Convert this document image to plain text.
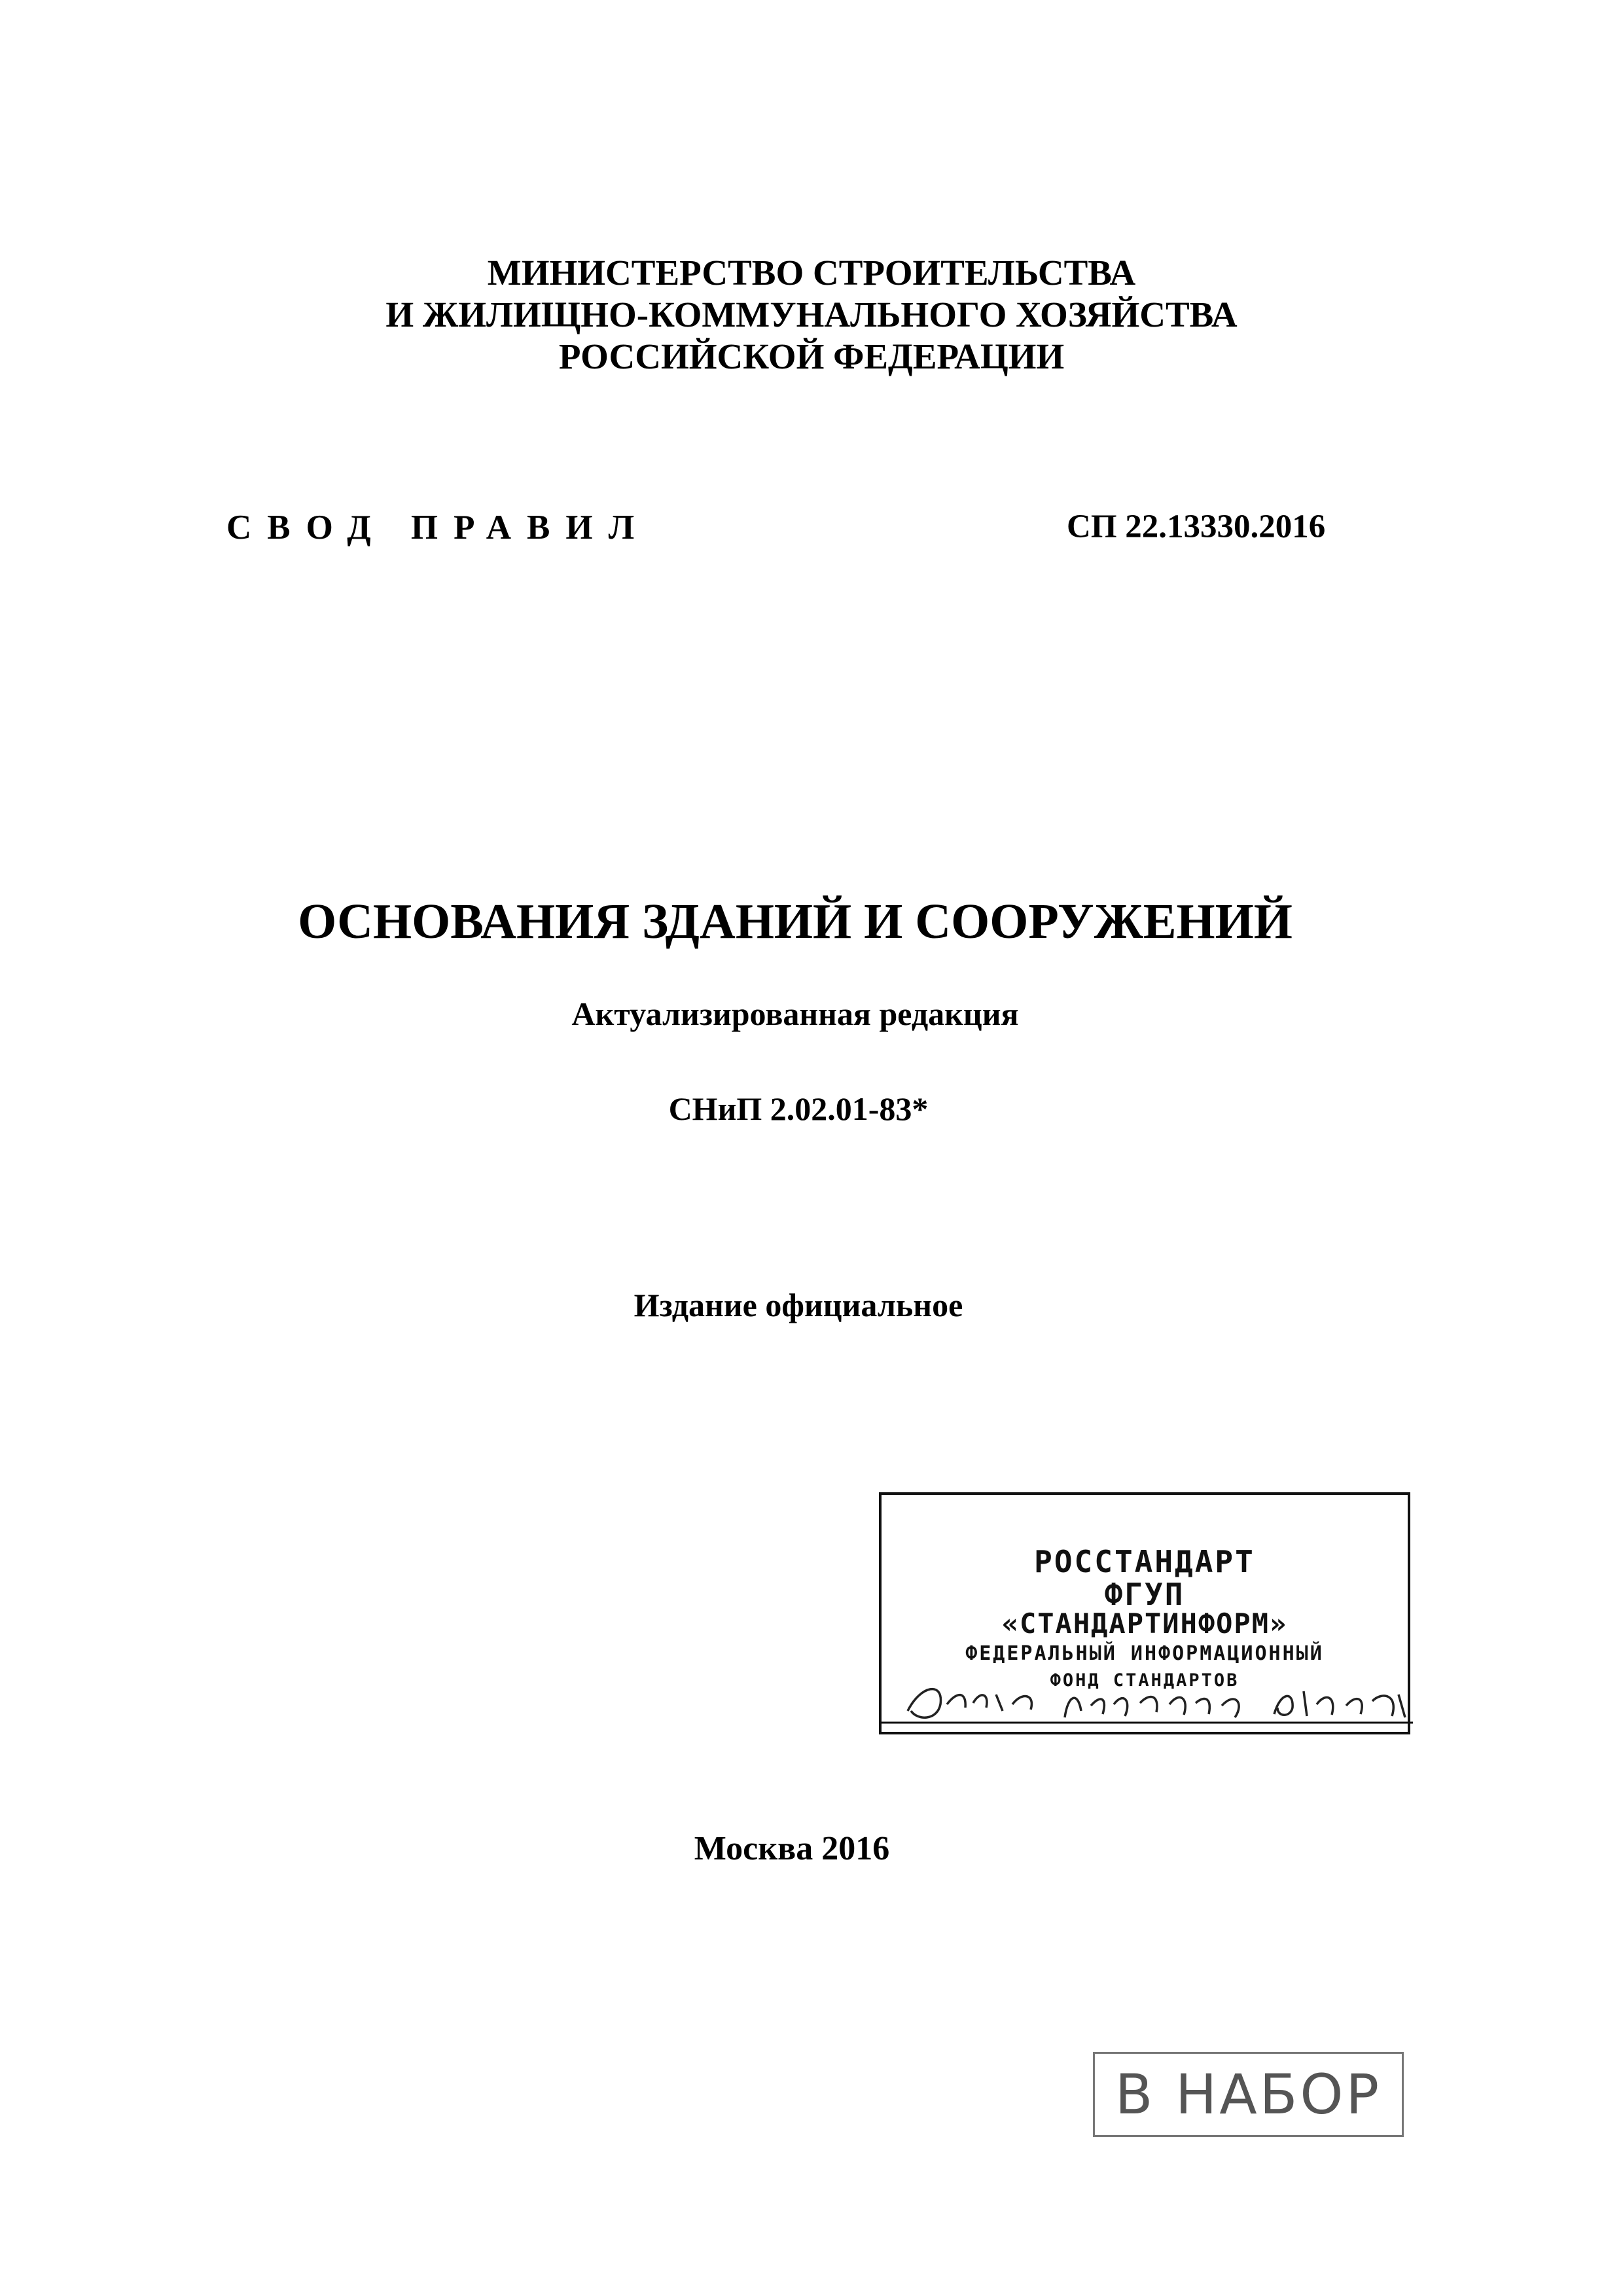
МИНИСТЕРСТВО СТРОИТЕЛЬСТВА
И ЖИЛИЩНО-КОММУНАЛЬНОГО ХОЗЯЙСТВА
РОССИЙСКОЙ ФЕДЕРАЦИИ
СВОД ПРАВИЛ	СП 22.13330.2016
ОСНОВАНИЯ ЗДАНИЙ И СООРУЖЕНИЙ
Актуализированная редакция
СНиП 2.02.01-83*
Издание официальное
РОССТАНДАРТ
ФГУП
«СТАНДАРТИНФОРМ»
ФЕДЕРАЛЬНЫЙ ИНФОРМАЦИОННЫЙ
ФОНД СТАНДАРТОВ
Москва 2016
В НАБОР
